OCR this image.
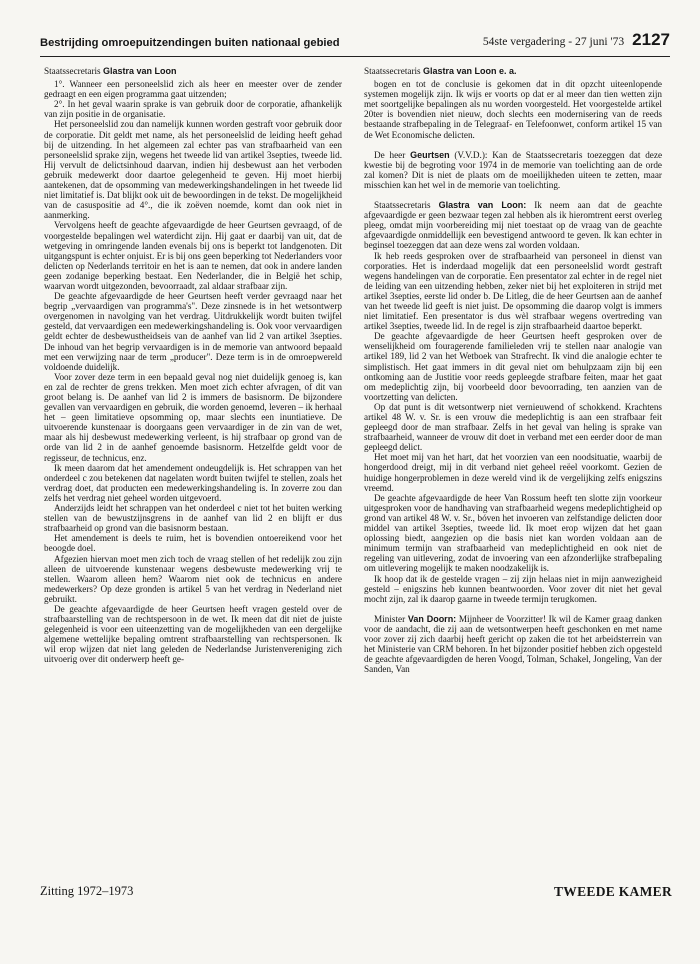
Bestrijding omroepuitzendingen buiten nationaal gebied	54ste vergadering - 27 juni '73 2127

Staatssecretaris Glastra van Loon

1°. Wanneer een personeelslid zich als heer en meester over de zender gedraagt en een eigen programma gaat uitzenden;

2°. In het geval waarin sprake is van gebruik door de corporatie, afhankelijk van zijn positie in de organisatie.

Het personeelslid zou dan namelijk kunnen worden gestraft voor gebruik door de corporatie. Dit geldt met name, als het personeelslid de leiding heeft gehad bij de uitzending. In het algemeen zal echter pas van strafbaarheid van een personeelslid sprake zijn, wegens het tweede lid van artikel 3septies, tweede lid. Hij vervult de delictsinhoud daarvan, indien hij desbewust aan het verboden gebruik medewerkt door daartoe gelegenheid te geven. Hij moet hierbij aantekenen, dat de opsomming van medewerkingshandelingen in het tweede lid niet limitatief is. Dat blijkt ook uit de bewoordingen in de tekst. De mogelijkheid van de casuspositie ad 4°., die ik zoëven noemde, komt dan ook niet in aanmerking.

Vervolgens heeft de geachte afgevaardigde de heer Geurtsen gevraagd, of de voorgestelde bepalingen wel waterdicht zijn. Hij gaat er daarbij van uit, dat de wetgeving in omringende landen evenals bij ons is beperkt tot landgenoten. Dit uitgangspunt is echter onjuist. Er is bij ons geen beperking tot Nederlanders voor delicten op Nederlands territoir en het is aan te nemen, dat ook in andere landen geen zodanige beperking bestaat. Een Nederlander, die in België het schip, waarvan wordt uitgezonden, bevoorraadt, zal aldaar strafbaar zijn.

De geachte afgevaardigde de heer Geurtsen heeft verder gevraagd naar het begrip „vervaardigen van programma's". Deze zinsnede is in het wetsontwerp overgenomen in navolging van het verdrag. Uitdrukkelijk wordt buiten twijfel gesteld, dat vervaardigen een medewerkingshandeling is. Ook voor vervaardigen geldt echter de desbewustheidseis van de aanhef van lid 2 van artikel 3septies. De inhoud van het begrip vervaardigen is in de memorie van antwoord bepaald met een verwijzing naar de term „producer". Deze term is in de omroepwereld voldoende duidelijk.

Voor zover deze term in een bepaald geval nog niet duidelijk genoeg is, kan en zal de rechter de grens trekken. Men moet zich echter afvragen, of dit van groot belang is. De aanhef van lid 2 is immers de basisnorm. De bijzondere gevallen van vervaardigen en gebruik, die worden genoemd, leveren – ik herhaal het – geen limitatieve opsomming op, maar slechts een inuntiatieve. De uitvoerende kunstenaar is doorgaans geen vervaardiger in de zin van de wet, maar als hij desbewust medewerking verleent, is hij strafbaar op grond van de orde van lid 2 in de aanhef genoemde basisnorm. Hetzelfde geldt voor de regisseur, de technicus, enz.

Ik meen daarom dat het amendement ondeugdelijk is. Het schrappen van het onderdeel c zou betekenen dat nagelaten wordt buiten twijfel te stellen, zoals het verdrag doet, dat producten een medewerkingshandeling is. In zoverre zou dan zelfs het verdrag niet geheel worden uitgevoerd.

Anderzijds leidt het schrappen van het onderdeel c niet tot het buiten werking stellen van de bewustzijnsgrens in de aanhef van lid 2 en blijft er dus strafbaarheid op grond van die basisnorm bestaan.

Het amendement is deels te ruim, het is bovendien ontoereikend voor het beoogde doel.

Afgezien hiervan moet men zich toch de vraag stellen of het redelijk zou zijn alleen de uitvoerende kunstenaar wegens desbewuste medewerking vrij te stellen. Waarom alleen hem? Waarom niet ook de technicus en andere medewerkers? Op deze gronden is artikel 5 van het verdrag in Nederland niet gebruikt.

De geachte afgevaardigde de heer Geurtsen heeft vragen gesteld over de strafbaarstelling van de rechtspersoon in de wet. Ik meen dat dit niet de juiste gelegenheid is voor een uiteenzetting van de mogelijkheden van een dergelijke algemene wettelijke bepaling omtrent strafbaarstelling van rechtspersonen. Ik wil erop wijzen dat niet lang geleden de Nederlandse Juristenvereniging zich uitvoerig over dit onderwerp heeft ge-

Staatssecretaris Glastra van Loon e. a.

bogen en tot de conclusie is gekomen dat in dit opzcht uiteenlopende systemen mogelijk zijn. Ik wijs er voorts op dat er al meer dan tien wetten zijn met soortgelijke bepalingen als nu worden voorgesteld. Het voorgestelde artikel 20ter is bovendien niet nieuw, doch slechts een modernisering van de reeds bestaande strafbepaling in de Telegraaf- en Telefoonwet, conform artikel 15 van de Wet Economische delicten.

De heer Geurtsen (V.V.D.): Kan de Staatssecretaris toezeggen dat deze kwestie bij de begroting voor 1974 in de memorie van toelichting aan de orde zal komen? Dit is niet de plaats om de moeilijkheden uiteen te zetten, maar misschien kan het wel in de memorie van toelichting.

Staatssecretaris Glastra van Loon: Ik neem aan dat de geachte afgevaardigde er geen bezwaar tegen zal hebben als ik hieromtrent eerst overleg pleeg, omdat mijn voorbereiding mij niet toestaat op de vraag van de geachte afgevaardigde onmiddellijk een bevestigend antwoord te geven. Ik kan echter in beginsel toezeggen dat aan deze wens zal worden voldaan.

Ik heb reeds gesproken over de strafbaarheid van personeel in dienst van corporaties. Het is inderdaad mogelijk dat een personeelslid wordt gestraft wegens handelingen van de corporatie. Een presentator zal echter in de regel niet de leiding van een uitzending hebben, zeker niet bij het exploiteren in strijd met artikel 3septies, eerste lid onder b. De Litleg, die de heer Geurtsen aan de aanhef van het tweede lid geeft is niet juist. De opsomming die daarop volgt is immers niet limitatief. Een presentator is dus wèl strafbaar wegens overtreding van artikel 3septies, tweede lid. In de regel is zijn strafbaarheid daartoe beperkt.

De geachte afgevaardigde de heer Geurtsen heeft gesproken over de wenselijkheid om fouragerende familieleden vrij te stellen naar analogie van artikel 189, lid 2 van het Wetboek van Strafrecht. Ik vind die analogie echter te simplistisch. Het gaat immers in dit geval niet om behulpzaam zijn bij een ontkoming aan de Justitie voor reeds gepleegde strafbare feiten, maar het gaat om medeplichtig zijn, bij voorbeeld door bevoorrading, ten aanzien van de voortzetting van delicten.

Op dat punt is dit wetsontwerp niet vernieuwend of schokkend. Krachtens artikel 48 W. v. Sr. is een vrouw die medeplichtig is aan een strafbaar feit gepleegd door de man strafbaar. Zelfs in het geval van heling is sprake van strafbaarheid, wanneer de vrouw dit doet in verband met een eerder door de man gepleegd delict.

Het moet mij van het hart, dat het voorzien van een noodsituatie, waarbij de hongerdood dreigt, mij in dit verband niet geheel reëel voorkomt. Gezien de huidige hongerproblemen in deze wereld vind ik de vergelijking zelfs enigszins vreemd.

De geachte afgevaardigde de heer Van Rossum heeft ten slotte zijn voorkeur uitgesproken voor de handhaving van strafbaarheid wegens medeplichtigheid op grond van artikel 48 W. v. Sr., bóven het invoeren van zelfstandige delicten door middel van artikel 3septies, tweede lid. Ik moet erop wijzen dat het gaan oplossing biedt, aangezien op die basis niet kan worden voldaan aan de minimum termijn van strafbaarheid van medeplichtigheid en ook niet de regeling van uitlevering, zodat de invoering van een afzonderlijke strafbepaling om uitlevering mogelijk te maken noodzakelijk is.

Ik hoop dat ik de gestelde vragen – zij zijn helaas niet in mijn aanwezigheid gesteld – enigszins heb kunnen beantwoorden. Voor zover dit niet het geval mocht zijn, zal ik daarop gaarne in tweede termijn terugkomen.

Minister Van Doorn: Mijnheer de Voorzitter! Ik wil de Kamer graag danken voor de aandacht, die zij aan de wetsontwerpen heeft geschonken en met name voor zover zij zich daarbij heeft gericht op zaken die tot het arbeidsterrein van het Ministerie van CRM behoren. In het bijzonder positief hebben zich opgesteld de geachte afgevaardigden de heren Voogd, Tolman, Schakel, Jongeling, Van der Sanden, Van

Zitting 1972–1973	TWEEDE KAMER
